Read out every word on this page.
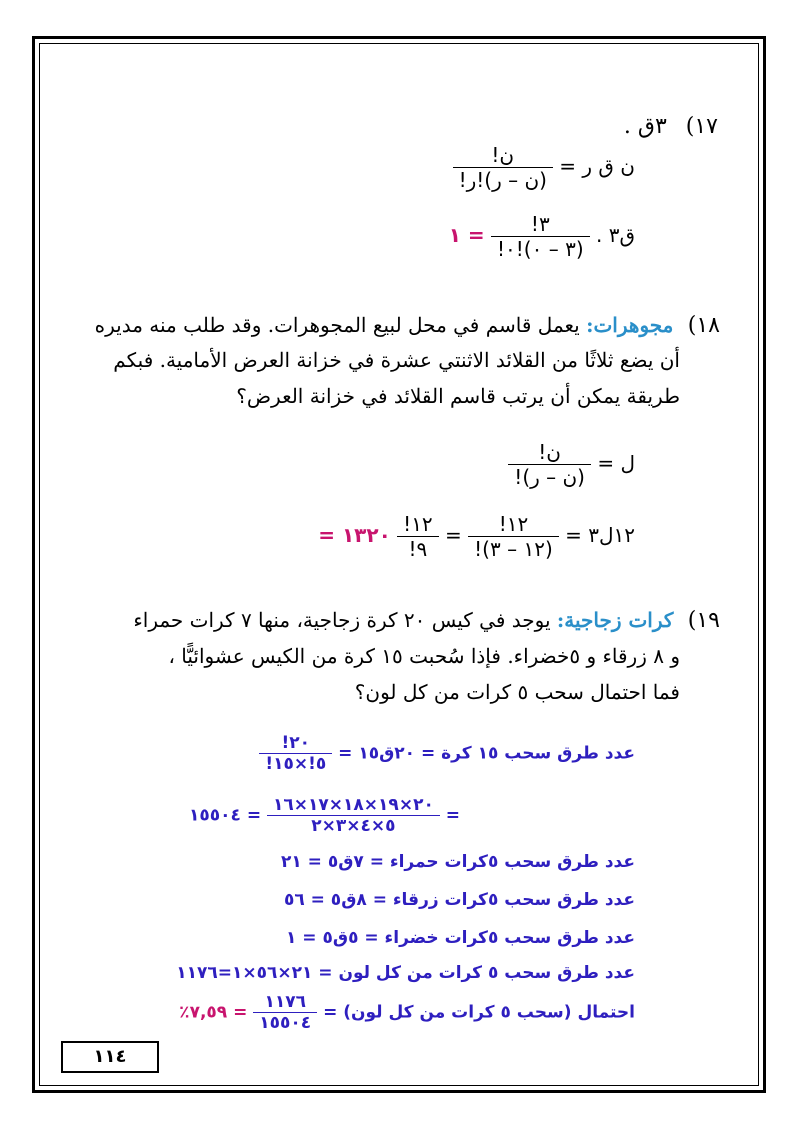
١٧) ٣ق .
ن ق ر =
$\frac{\text{ن!}}{\text{(ن – ر)!ر!}}$
ق٣ .
$\frac{٣!}{(٣ - ٠)!٠!}$
= ١
١٨) مجوهرات: يعمل قاسم في محل لبيع المجوهرات. وقد طلب منه مديره
أن يضع ثلاثًا من القلائد الاثنتي عشرة في خزانة العرض الأمامية. فبكم
طريقة يمكن أن يرتب قاسم القلائد في خزانة العرض؟
ل =
$\frac{\text{ن!}}{\text{(ن – ر)!}}$
١٢ل٣ =
$\frac{١٢!}{(١٢ - ٣)!}$
=
$\frac{١٢!}{٩!}$
١٣٢٠ =
١٩) كرات زجاجية: يوجد في كيس ٢٠ كرة زجاجية، منها ٧ كرات حمراء
و ٨ زرقاء و ٥خضراء. فإذا سُحبت ١٥ كرة من الكيس عشوائيًّا ،
فما احتمال سحب ٥ كرات من كل لون؟
عدد طرق سحب ١٥ كرة = ٢٠ق١٥ =
$\frac{٢٠!}{٥!\times ١٥!}$
=
$\frac{٢٠\times ١٩\times ١٨\times ١٧\times ١٦}{٥\times ٤\times ٣\times ٢}$
= ١٥٥٠٤
عدد طرق سحب ٥كرات حمراء = ٧ق٥ = ٢١
عدد طرق سحب ٥كرات زرقاء = ٨ق٥ = ٥٦
عدد طرق سحب ٥كرات خضراء = ٥ق٥ = ١
عدد طرق سحب ٥ كرات من كل لون = ٢١×٥٦×١=١١٧٦
احتمال (سحب ٥ كرات من كل لون) =
$\frac{١١٧٦}{١٥٥٠٤}$
= ٧,٥٩٪
١١٤
